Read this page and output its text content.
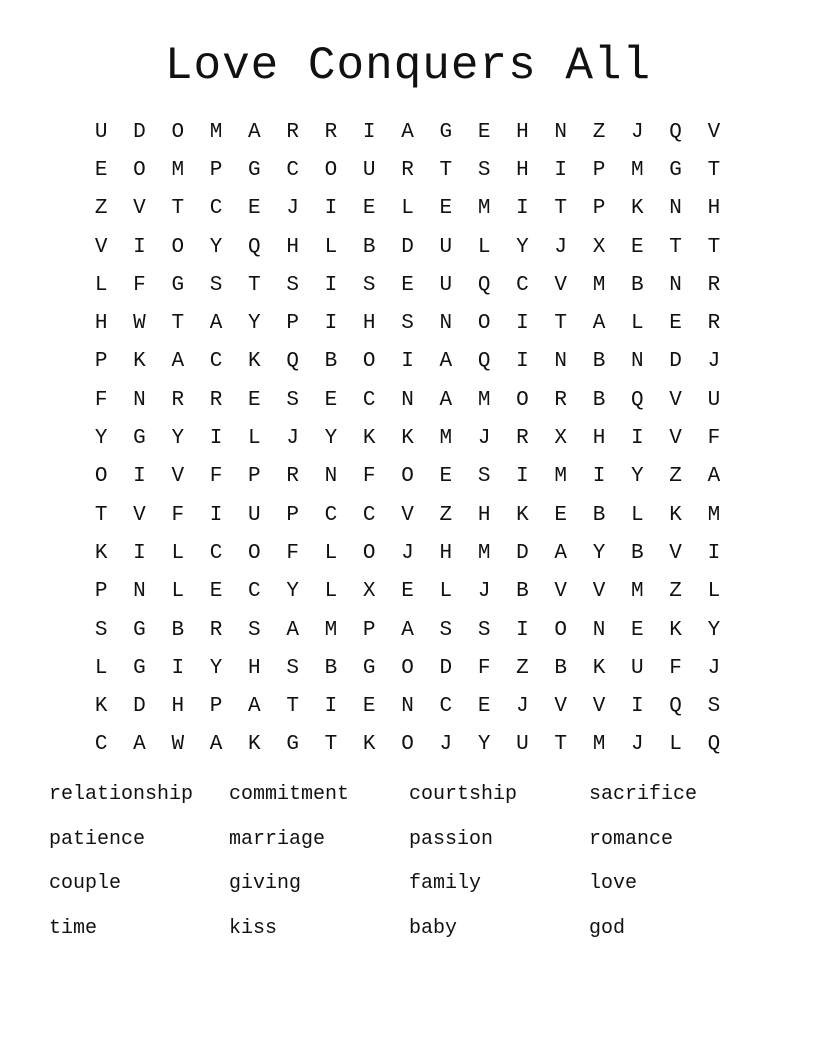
Love Conquers All
U	D	O	M	A	R	R	I	A	G	E	H	N	Z	J	Q	V
E	O	M	P	G	C	O	U	R	T	S	H	I	P	M	G	T
Z	V	T	C	E	J	I	E	L	E	M	I	T	P	K	N	H
V	I	O	Y	Q	H	L	B	D	U	L	Y	J	X	E	T	T
L	F	G	S	T	S	I	S	E	U	Q	C	V	M	B	N	R
H	W	T	A	Y	P	I	H	S	N	O	I	T	A	L	E	R
P	K	A	C	K	Q	B	O	I	A	Q	I	N	B	N	D	J
F	N	R	R	E	S	E	C	N	A	M	O	R	B	Q	V	U
Y	G	Y	I	L	J	Y	K	K	M	J	R	X	H	I	V	F
O	I	V	F	P	R	N	F	O	E	S	I	M	I	Y	Z	A
T	V	F	I	U	P	C	C	V	Z	H	K	E	B	L	K	M
K	I	L	C	O	F	L	O	J	H	M	D	A	Y	B	V	I
P	N	L	E	C	Y	L	X	E	L	J	B	V	V	M	Z	L
S	G	B	R	S	A	M	P	A	S	S	I	O	N	E	K	Y
L	G	I	Y	H	S	B	G	O	D	F	Z	B	K	U	F	J
K	D	H	P	A	T	I	E	N	C	E	J	V	V	I	Q	S
C	A	W	A	K	G	T	K	O	J	Y	U	T	M	J	L	Q
relationship	commitment	courtship	sacrifice
patience	marriage	passion	romance
couple	giving	family	love
time	kiss	baby	god
